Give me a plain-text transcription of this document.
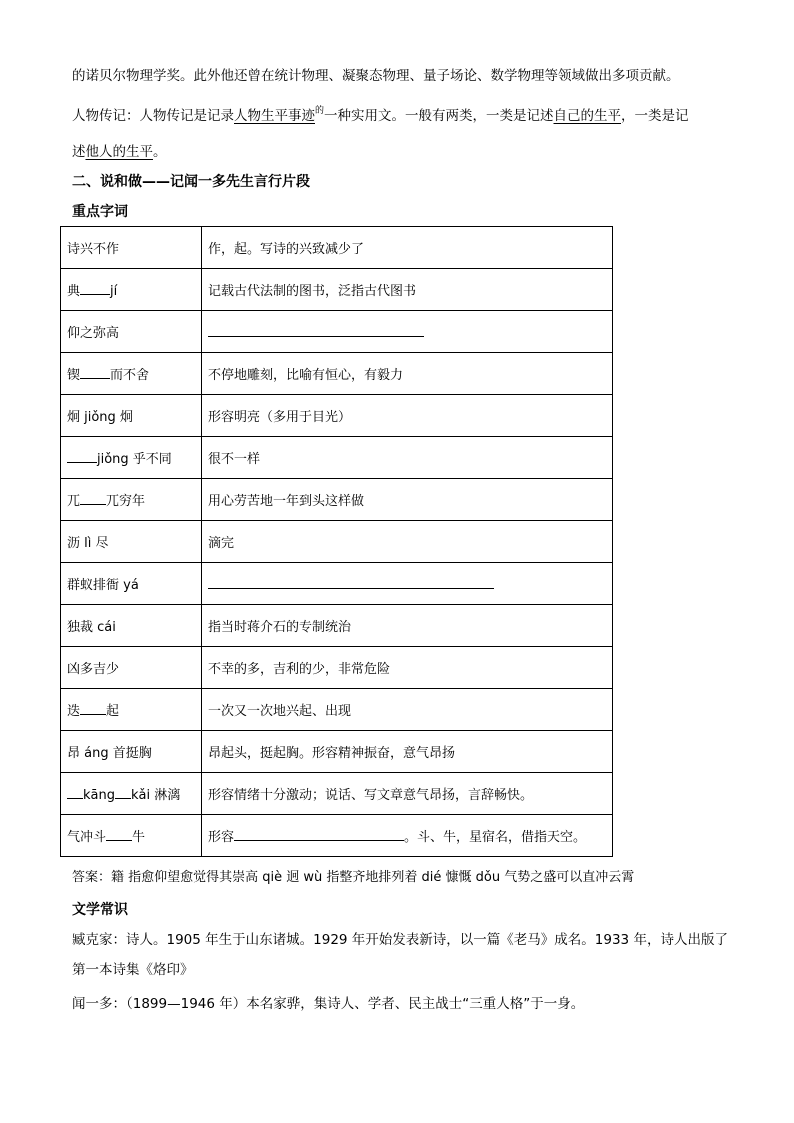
的诺贝尔物理学奖。此外他还曾在统计物理、凝聚态物理、量子场论、数学物理等领域做出多项贡献。
人物传记：人物传记是记录人物生平事迹$^的$一种实用文。一般有两类，一类是记述自己的生平，一类是记
述他人的生平。
二、说和做——记闻一多先生言行片段
重点字词
诗兴不作	作，起。写诗的兴致减少了
典 jí	记载古代法制的图书，泛指古代图书
仰之弥高	
锲 而不舍	不停地雕刻，比喻有恒心，有毅力
炯 jiǒng 炯	形容明亮（多用于目光）
jiǒng 乎不同	很不一样
兀 兀穷年	用心劳苦地一年到头这样做
沥 lì 尽	滴完
群蚁排衙 yá	
独裁 cái	指当时蒋介石的专制统治
凶多吉少	不幸的多，吉利的少，非常危险
迭 起	一次又一次地兴起、出现
昂 áng 首挺胸	昂起头，挺起胸。形容精神振奋，意气昂扬
kāng kǎi 淋漓	形容情绪十分激动；说话、写文章意气昂扬，言辞畅快。
气冲斗 牛	形容 。斗、牛，星宿名，借指天空。
答案：籍 指愈仰望愈觉得其崇高 qiè 迥 wù 指整齐地排列着 dié 慷慨 dǒu 气势之盛可以直冲云霄
文学常识
臧克家：诗人。1905 年生于山东诸城。1929 年开始发表新诗，以一篇《老马》成名。1933 年，诗人出版了
第一本诗集《烙印》
闻一多：（1899—1946 年）本名家骅，集诗人、学者、民主战士“三重人格”于一身。
